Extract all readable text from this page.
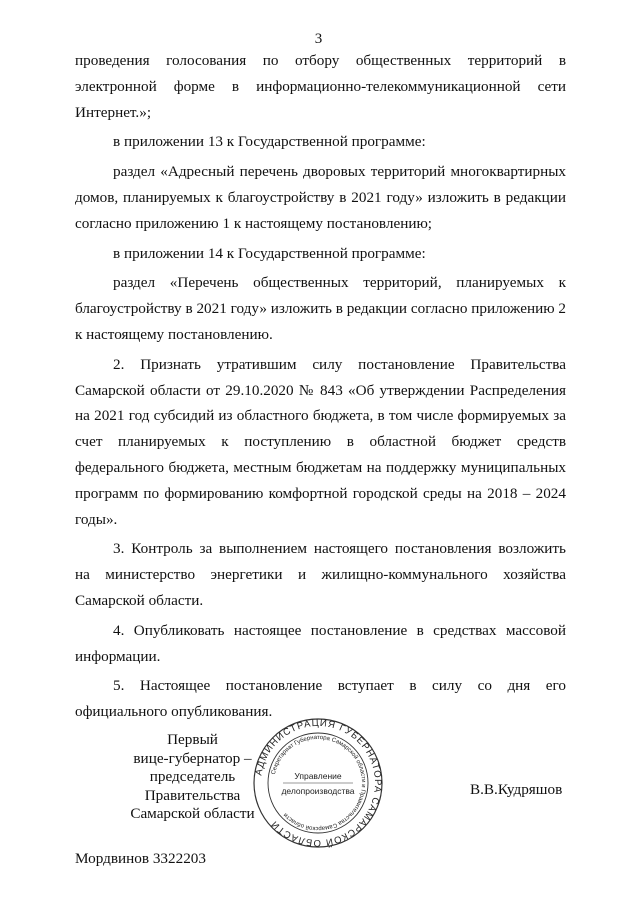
3

проведения голосования по отбору общественных территорий в электронной форме в информационно-телекоммуникационной сети Интернет.»;

в приложении 13 к Государственной программе:

раздел «Адресный перечень дворовых территорий многоквартирных домов, планируемых к благоустройству в 2021 году» изложить в редакции согласно приложению 1 к настоящему постановлению;

в приложении 14 к Государственной программе:

раздел «Перечень общественных территорий, планируемых к благоустройству в 2021 году» изложить в редакции согласно приложению 2 к настоящему постановлению.

2. Признать утратившим силу постановление Правительства Самарской области от 29.10.2020 № 843 «Об утверждении Распределения на 2021 год субсидий из областного бюджета, в том числе формируемых за счет планируемых к поступлению в областной бюджет средств федерального бюджета, местным бюджетам на поддержку муниципальных программ по формированию комфортной городской среды на 2018 – 2024 годы».

3. Контроль за выполнением настоящего постановления возложить на министерство энергетики и жилищно-коммунального хозяйства Самарской области.

4. Опубликовать настоящее постановление в средствах массовой информации.

5. Настоящее постановление вступает в силу со дня его официального опубликования.

Первый
вице-губернатор –
председатель Правительства
Самарской области
АДМИНИСТРАЦИЯ ГУБЕРНАТОРА САМАРСКОЙ ОБЛАСТИ
Секретариат Губернатора Самарской области и Правительства Самарской области
Управление
делопроизводства	В.В.Кудряшов
Мордвинов 3322203
